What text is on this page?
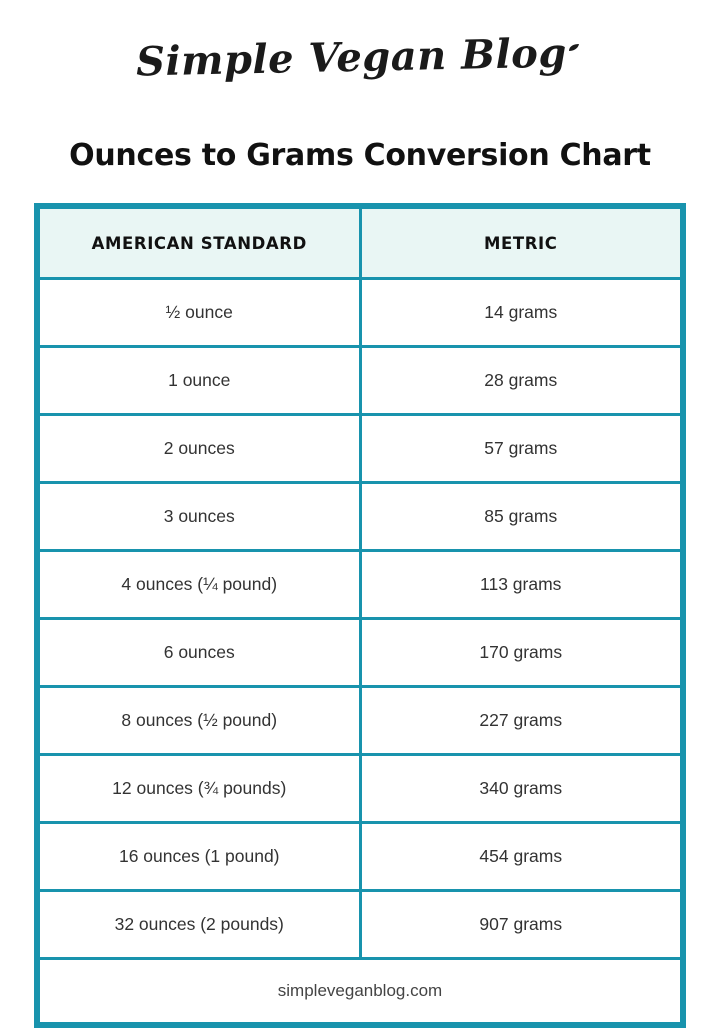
Simple Vegan Blog
Ounces to Grams Conversion Chart
AMERICAN STANDARD	METRIC
½ ounce	14 grams
1 ounce	28 grams
2 ounces	57 grams
3 ounces	85 grams
4 ounces (¼ pound)	113 grams
6 ounces	170 grams
8 ounces (½ pound)	227 grams
12 ounces (¾ pounds)	340 grams
16 ounces (1 pound)	454 grams
32 ounces (2 pounds)	907 grams
simpleveganblog.com	
